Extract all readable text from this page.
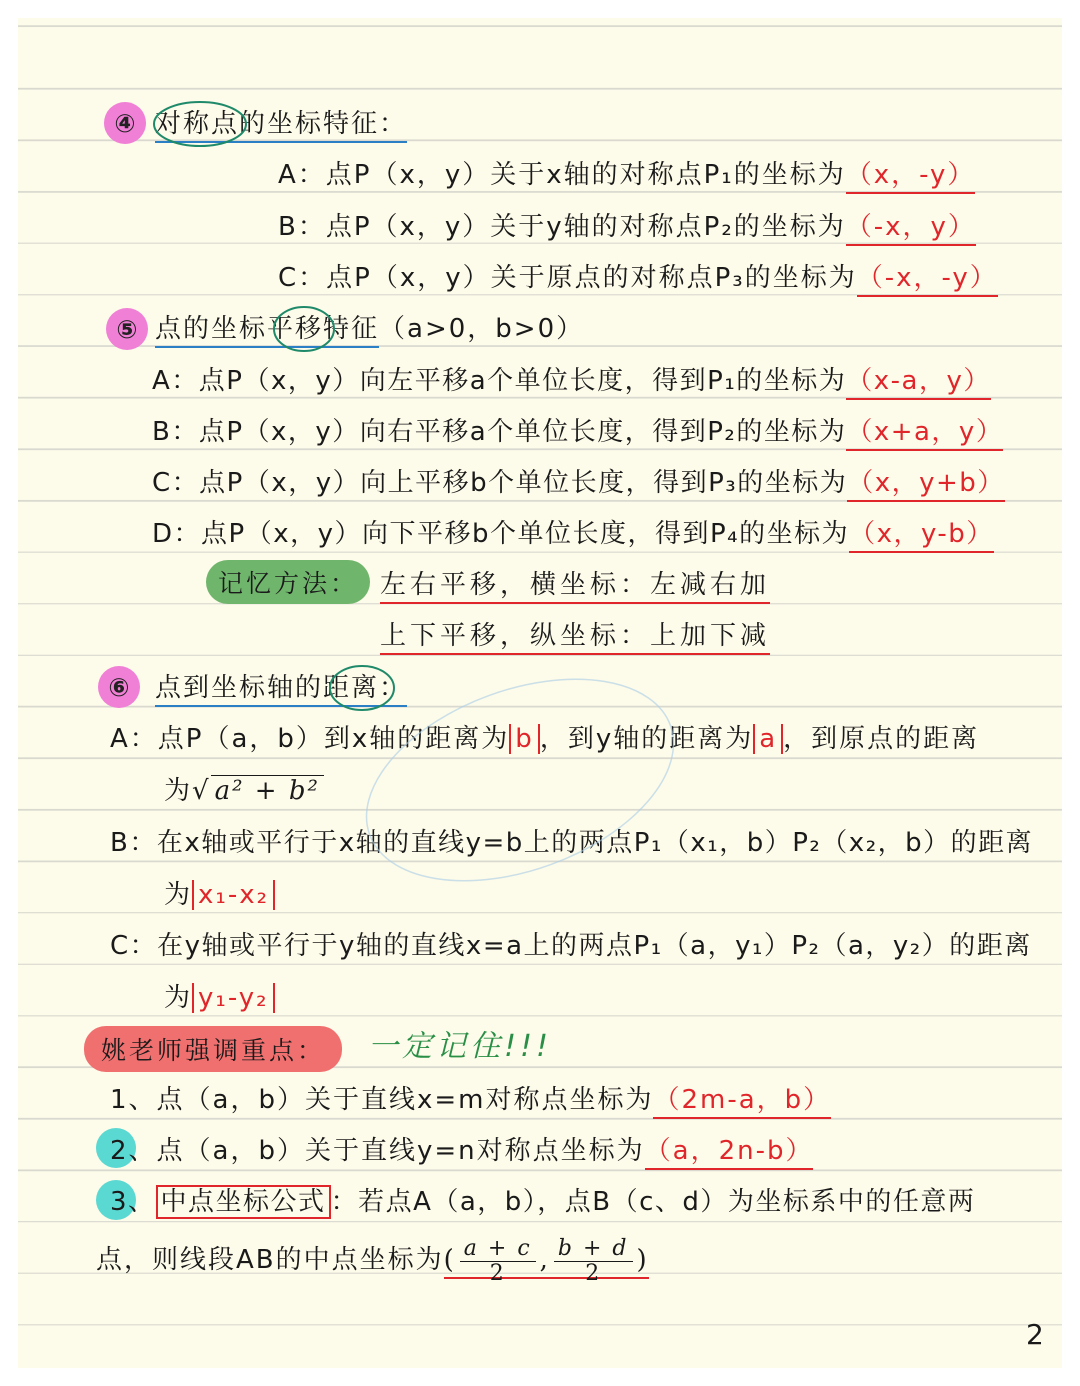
④ 对称点的坐标特征：
A：点P（x，y）关于x轴的对称点P₁的坐标为（x，-y）
B：点P（x，y）关于y轴的对称点P₂的坐标为（-x，y）
C：点P（x，y）关于原点的对称点P₃的坐标为（-x，-y）
⑤ 点的坐标平移特征（a>0，b>0）
A：点P（x，y）向左平移a个单位长度，得到P₁的坐标为（x-a，y）
B：点P（x，y）向右平移a个单位长度，得到P₂的坐标为（x+a，y）
C：点P（x，y）向上平移b个单位长度，得到P₃的坐标为（x，y+b）
D：点P（x，y）向下平移b个单位长度，得到P₄的坐标为（x，y-b）
记忆方法： 左右平移，横坐标：左减右加
上下平移，纵坐标：上加下减
⑥ 点到坐标轴的距离：
A：点P（a，b）到x轴的距离为 b ，到y轴的距离为 a ，到原点的距离
为√ a² + b²
B：在x轴或平行于x轴的直线y=b上的两点P₁（x₁，b）P₂（x₂，b）的距离
为 x₁-x₂
C：在y轴或平行于y轴的直线x=a上的两点P₁（a，y₁）P₂（a，y₂）的距离
为 y₁-y₂
姚老师强调重点： 一定记住!!!
1、点（a，b）关于直线x=m对称点坐标为（2m-a，b）
2、点（a，b）关于直线y=n对称点坐标为（a，2n-b）
3、 中点坐标公式 ：若点A（a，b），点B（c、d）为坐标系中的任意两
点，则线段AB的中点坐标为( $\frac{a + c}{2}$ , $\frac{b + d}{2}$ )
2
